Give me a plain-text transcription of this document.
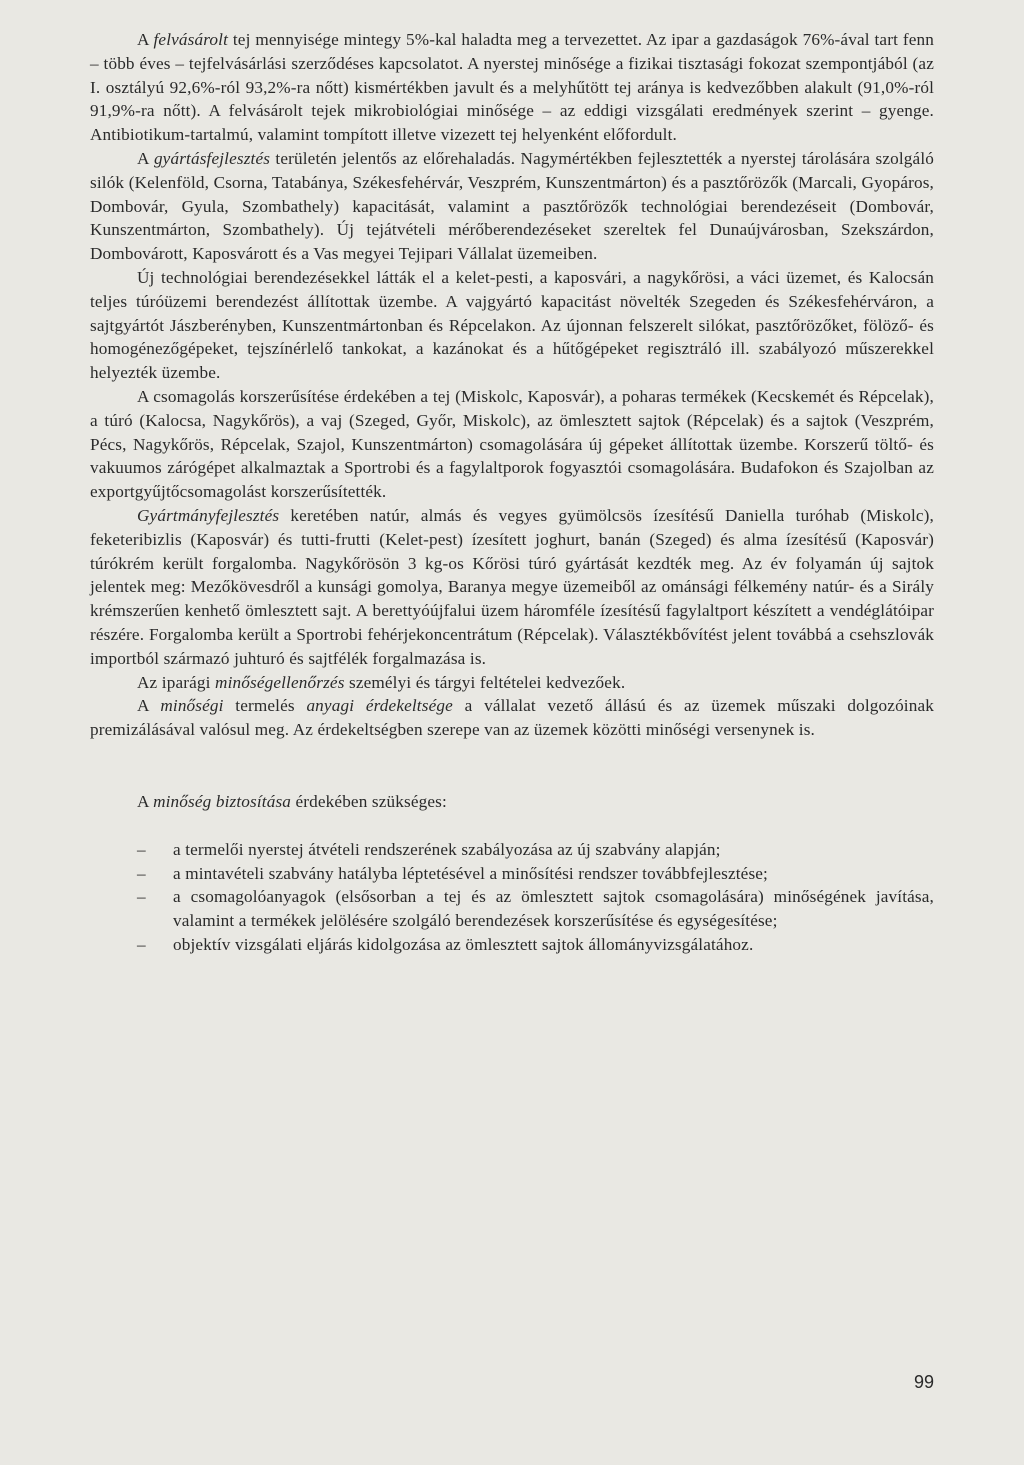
A felvásárolt tej mennyisége mintegy 5%-kal haladta meg a tervezettet. Az ipar a gazdaságok 76%-ával tart fenn – több éves – tejfelvásárlási szerződéses kapcsolatot. A nyerstej minősége a fizikai tisztasági fokozat szempontjából (az I. osztályú 92,6%-ról 93,2%-ra nőtt) kismértékben javult és a melyhűtött tej aránya is kedvezőbben alakult (91,0%-ról 91,9%-ra nőtt). A felvásárolt tejek mikrobiológiai minősége – az eddigi vizsgálati eredmények szerint – gyenge. Antibiotikum-tartalmú, valamint tompított illetve vizezett tej helyenként előfordult.

A gyártásfejlesztés területén jelentős az előrehaladás. Nagymértékben fejlesztették a nyerstej tárolására szolgáló silók (Kelenföld, Csorna, Tatabánya, Székesfehérvár, Veszprém, Kunszentmárton) és a pasztőrözők (Marcali, Gyopáros, Dombovár, Gyula, Szombathely) kapacitását, valamint a pasztőrözők technológiai berendezéseit (Dombovár, Kunszentmárton, Szombathely). Új tejátvételi mérőberendezéseket szereltek fel Dunaújvárosban, Szekszárdon, Dombovárott, Kaposvárott és a Vas megyei Tejipari Vállalat üzemeiben.

Új technológiai berendezésekkel látták el a kelet-pesti, a kaposvári, a nagykőrösi, a váci üzemet, és Kalocsán teljes túróüzemi berendezést állítottak üzembe. A vajgyártó kapacitást növelték Szegeden és Székesfehérváron, a sajtgyártót Jászberényben, Kunszentmártonban és Répcelakon. Az újonnan felszerelt silókat, pasztőrözőket, fölöző- és homogénezőgépeket, tejszínérlelő tankokat, a kazánokat és a hűtőgépeket regisztráló ill. szabályozó műszerekkel helyezték üzembe.

A csomagolás korszerűsítése érdekében a tej (Miskolc, Kaposvár), a poharas termékek (Kecskemét és Répcelak), a túró (Kalocsa, Nagykőrös), a vaj (Szeged, Győr, Miskolc), az ömlesztett sajtok (Répcelak) és a sajtok (Veszprém, Pécs, Nagykőrös, Répcelak, Szajol, Kunszentmárton) csomagolására új gépeket állítottak üzembe. Korszerű töltő- és vakuumos zárógépet alkalmaztak a Sportrobi és a fagylaltporok fogyasztói csomagolására. Budafokon és Szajolban az exportgyűjtőcsomagolást korszerűsítették.

Gyártmányfejlesztés keretében natúr, almás és vegyes gyümölcsös ízesítésű Daniella turóhab (Miskolc), feketeribizlis (Kaposvár) és tutti-frutti (Kelet-pest) ízesített joghurt, banán (Szeged) és alma ízesítésű (Kaposvár) túrókrém került forgalomba. Nagykőrösön 3 kg-os Kőrösi túró gyártását kezdték meg. Az év folyamán új sajtok jelentek meg: Mezőkövesdről a kunsági gomolya, Baranya megye üzemeiből az ománsági félkemény natúr- és a Sirály krémszerűen kenhető ömlesztett sajt. A berettyóújfalui üzem háromféle ízesítésű fagylaltport készített a vendéglátóipar részére. Forgalomba került a Sportrobi fehérjekoncentrátum (Répcelak). Választékbővítést jelent továbbá a csehszlovák importból származó juhturó és sajtfélék forgalmazása is.

Az iparági minőségellenőrzés személyi és tárgyi feltételei kedvezőek.

A minőségi termelés anyagi érdekeltsége a vállalat vezető állású és az üzemek műszaki dolgozóinak premizálásával valósul meg. Az érdekeltségben szerepe van az üzemek közötti minőségi versenynek is.

A minőség biztosítása érdekében szükséges:

– a termelői nyerstej átvételi rendszerének szabályozása az új szabvány alapján;
– a mintavételi szabvány hatályba léptetésével a minősítési rendszer továbbfejlesztése;
– a csomagolóanyagok (elsősorban a tej és az ömlesztett sajtok csomagolására) minőségének javítása, valamint a termékek jelölésére szolgáló berendezések korszerűsítése és egységesítése;
– objektív vizsgálati eljárás kidolgozása az ömlesztett sajtok állományvizsgálatához.
99
